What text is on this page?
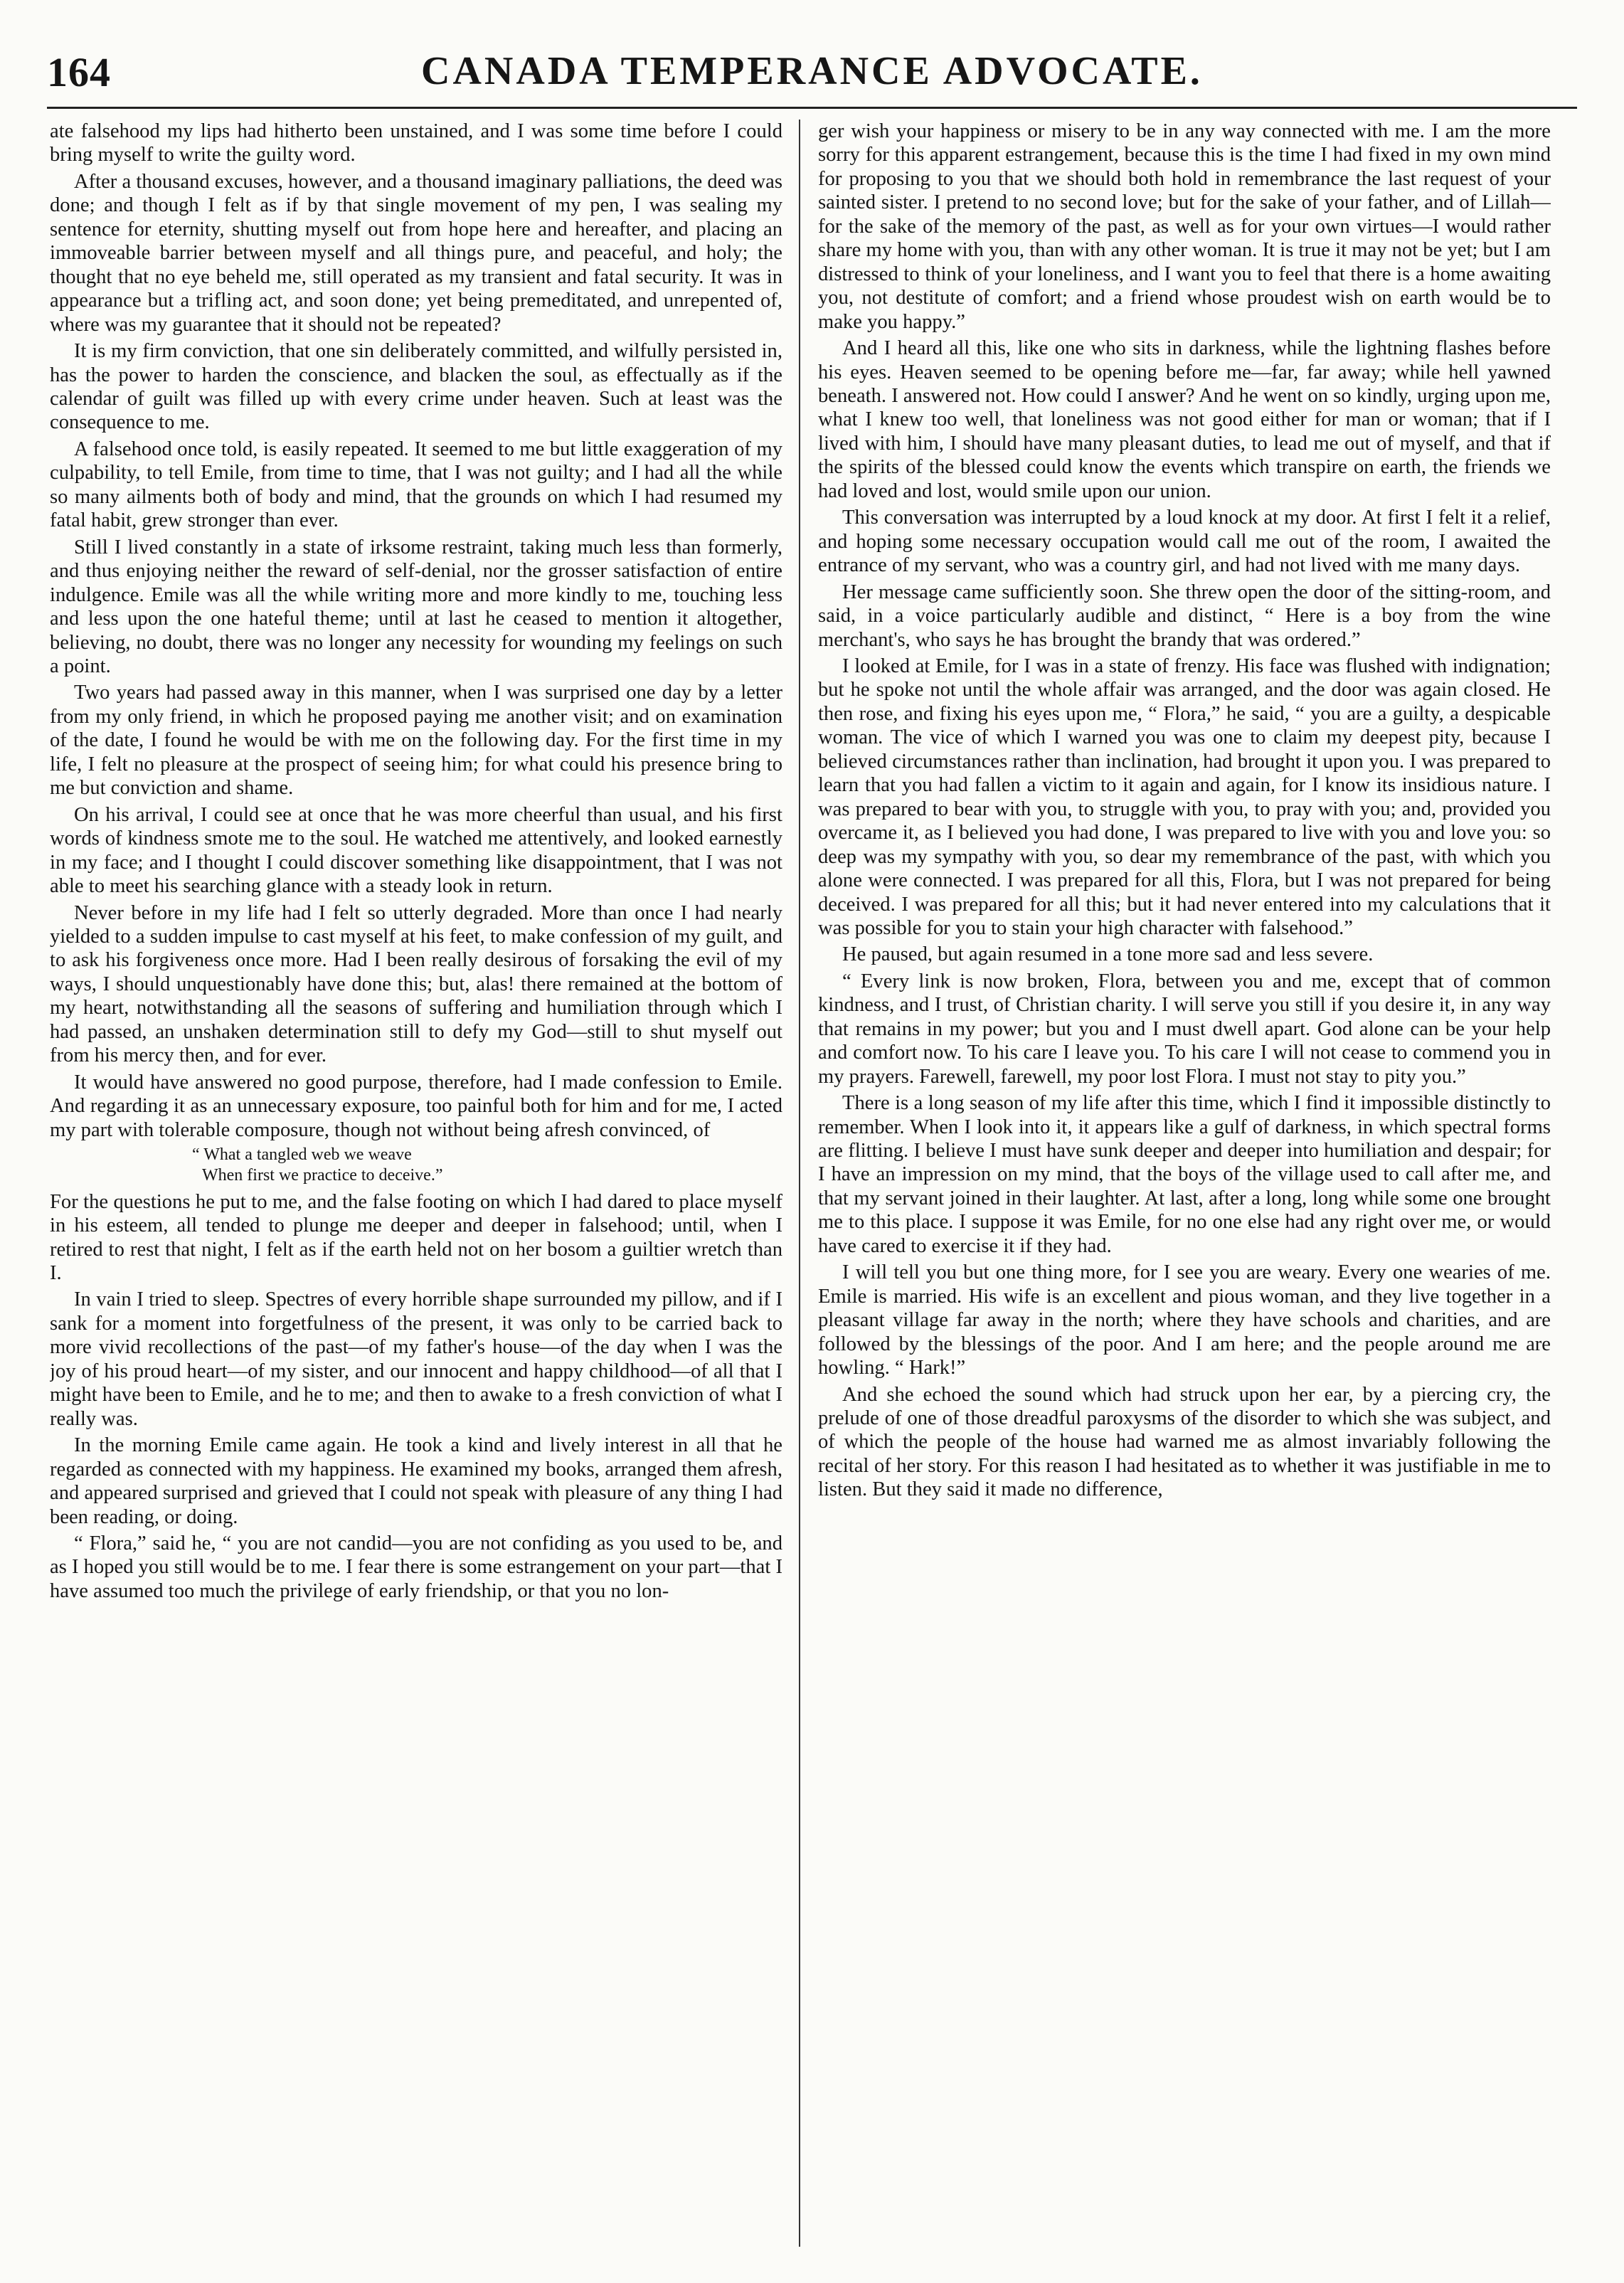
164	CANADA TEMPERANCE ADVOCATE.

ate falsehood my lips had hitherto been unstained, and I was some time before I could bring myself to write the guilty word.

After a thousand excuses, however, and a thousand imaginary palliations, the deed was done; and though I felt as if by that single movement of my pen, I was sealing my sentence for eternity, shutting myself out from hope here and hereafter, and placing an immoveable barrier between myself and all things pure, and peaceful, and holy; the thought that no eye beheld me, still operated as my transient and fatal security. It was in appearance but a trifling act, and soon done; yet being premeditated, and unrepented of, where was my guarantee that it should not be repeated?

It is my firm conviction, that one sin deliberately committed, and wilfully persisted in, has the power to harden the conscience, and blacken the soul, as effectually as if the calendar of guilt was filled up with every crime under heaven. Such at least was the consequence to me.

A falsehood once told, is easily repeated. It seemed to me but little exaggeration of my culpability, to tell Emile, from time to time, that I was not guilty; and I had all the while so many ailments both of body and mind, that the grounds on which I had resumed my fatal habit, grew stronger than ever.

Still I lived constantly in a state of irksome restraint, taking much less than formerly, and thus enjoying neither the reward of self-denial, nor the grosser satisfaction of entire indulgence. Emile was all the while writing more and more kindly to me, touching less and less upon the one hateful theme; until at last he ceased to mention it altogether, believing, no doubt, there was no longer any necessity for wounding my feelings on such a point.

Two years had passed away in this manner, when I was surprised one day by a letter from my only friend, in which he proposed paying me another visit; and on examination of the date, I found he would be with me on the following day. For the first time in my life, I felt no pleasure at the prospect of seeing him; for what could his presence bring to me but conviction and shame.

On his arrival, I could see at once that he was more cheerful than usual, and his first words of kindness smote me to the soul. He watched me attentively, and looked earnestly in my face; and I thought I could discover something like disappointment, that I was not able to meet his searching glance with a steady look in return.

Never before in my life had I felt so utterly degraded. More than once I had nearly yielded to a sudden impulse to cast myself at his feet, to make confession of my guilt, and to ask his forgiveness once more. Had I been really desirous of forsaking the evil of my ways, I should unquestionably have done this; but, alas! there remained at the bottom of my heart, notwithstanding all the seasons of suffering and humiliation through which I had passed, an unshaken determination still to defy my God—still to shut myself out from his mercy then, and for ever.

It would have answered no good purpose, therefore, had I made confession to Emile. And regarding it as an unnecessary exposure, too painful both for him and for me, I acted my part with tolerable composure, though not without being afresh convinced, of

“ What a tangled web we weave
When first we practice to deceive.”

For the questions he put to me, and the false footing on which I had dared to place myself in his esteem, all tended to plunge me deeper and deeper in falsehood; until, when I retired to rest that night, I felt as if the earth held not on her bosom a guiltier wretch than I.

In vain I tried to sleep. Spectres of every horrible shape surrounded my pillow, and if I sank for a moment into forgetfulness of the present, it was only to be carried back to more vivid recollections of the past—of my father's house—of the day when I was the joy of his proud heart—of my sister, and our innocent and happy childhood—of all that I might have been to Emile, and he to me; and then to awake to a fresh conviction of what I really was.

In the morning Emile came again. He took a kind and lively interest in all that he regarded as connected with my happiness. He examined my books, arranged them afresh, and appeared surprised and grieved that I could not speak with pleasure of any thing I had been reading, or doing.

“ Flora,” said he, “ you are not candid—you are not confiding as you used to be, and as I hoped you still would be to me. I fear there is some estrangement on your part—that I have assumed too much the privilege of early friendship, or that you no lon-

ger wish your happiness or misery to be in any way connected with me. I am the more sorry for this apparent estrangement, because this is the time I had fixed in my own mind for proposing to you that we should both hold in remembrance the last request of your sainted sister. I pretend to no second love; but for the sake of your father, and of Lillah—for the sake of the memory of the past, as well as for your own virtues—I would rather share my home with you, than with any other woman. It is true it may not be yet; but I am distressed to think of your loneliness, and I want you to feel that there is a home awaiting you, not destitute of comfort; and a friend whose proudest wish on earth would be to make you happy.”

And I heard all this, like one who sits in darkness, while the lightning flashes before his eyes. Heaven seemed to be opening before me—far, far away; while hell yawned beneath. I answered not. How could I answer? And he went on so kindly, urging upon me, what I knew too well, that loneliness was not good either for man or woman; that if I lived with him, I should have many pleasant duties, to lead me out of myself, and that if the spirits of the blessed could know the events which transpire on earth, the friends we had loved and lost, would smile upon our union.

This conversation was interrupted by a loud knock at my door. At first I felt it a relief, and hoping some necessary occupation would call me out of the room, I awaited the entrance of my servant, who was a country girl, and had not lived with me many days.

Her message came sufficiently soon. She threw open the door of the sitting-room, and said, in a voice particularly audible and distinct, “ Here is a boy from the wine merchant's, who says he has brought the brandy that was ordered.”

I looked at Emile, for I was in a state of frenzy. His face was flushed with indignation; but he spoke not until the whole affair was arranged, and the door was again closed. He then rose, and fixing his eyes upon me, “ Flora,” he said, “ you are a guilty, a despicable woman. The vice of which I warned you was one to claim my deepest pity, because I believed circumstances rather than inclination, had brought it upon you. I was prepared to learn that you had fallen a victim to it again and again, for I know its insidious nature. I was prepared to bear with you, to struggle with you, to pray with you; and, provided you overcame it, as I believed you had done, I was prepared to live with you and love you: so deep was my sympathy with you, so dear my remembrance of the past, with which you alone were connected. I was prepared for all this, Flora, but I was not prepared for being deceived. I was prepared for all this; but it had never entered into my calculations that it was possible for you to stain your high character with falsehood.”

He paused, but again resumed in a tone more sad and less severe.

“ Every link is now broken, Flora, between you and me, except that of common kindness, and I trust, of Christian charity. I will serve you still if you desire it, in any way that remains in my power; but you and I must dwell apart. God alone can be your help and comfort now. To his care I leave you. To his care I will not cease to commend you in my prayers. Farewell, farewell, my poor lost Flora. I must not stay to pity you.”

There is a long season of my life after this time, which I find it impossible distinctly to remember. When I look into it, it appears like a gulf of darkness, in which spectral forms are flitting. I believe I must have sunk deeper and deeper into humiliation and despair; for I have an impression on my mind, that the boys of the village used to call after me, and that my servant joined in their laughter. At last, after a long, long while some one brought me to this place. I suppose it was Emile, for no one else had any right over me, or would have cared to exercise it if they had.

I will tell you but one thing more, for I see you are weary. Every one wearies of me. Emile is married. His wife is an excellent and pious woman, and they live together in a pleasant village far away in the north; where they have schools and charities, and are followed by the blessings of the poor. And I am here; and the people around me are howling. “ Hark!”

And she echoed the sound which had struck upon her ear, by a piercing cry, the prelude of one of those dreadful paroxysms of the disorder to which she was subject, and of which the people of the house had warned me as almost invariably following the recital of her story. For this reason I had hesitated as to whether it was justifiable in me to listen. But they said it made no difference,
